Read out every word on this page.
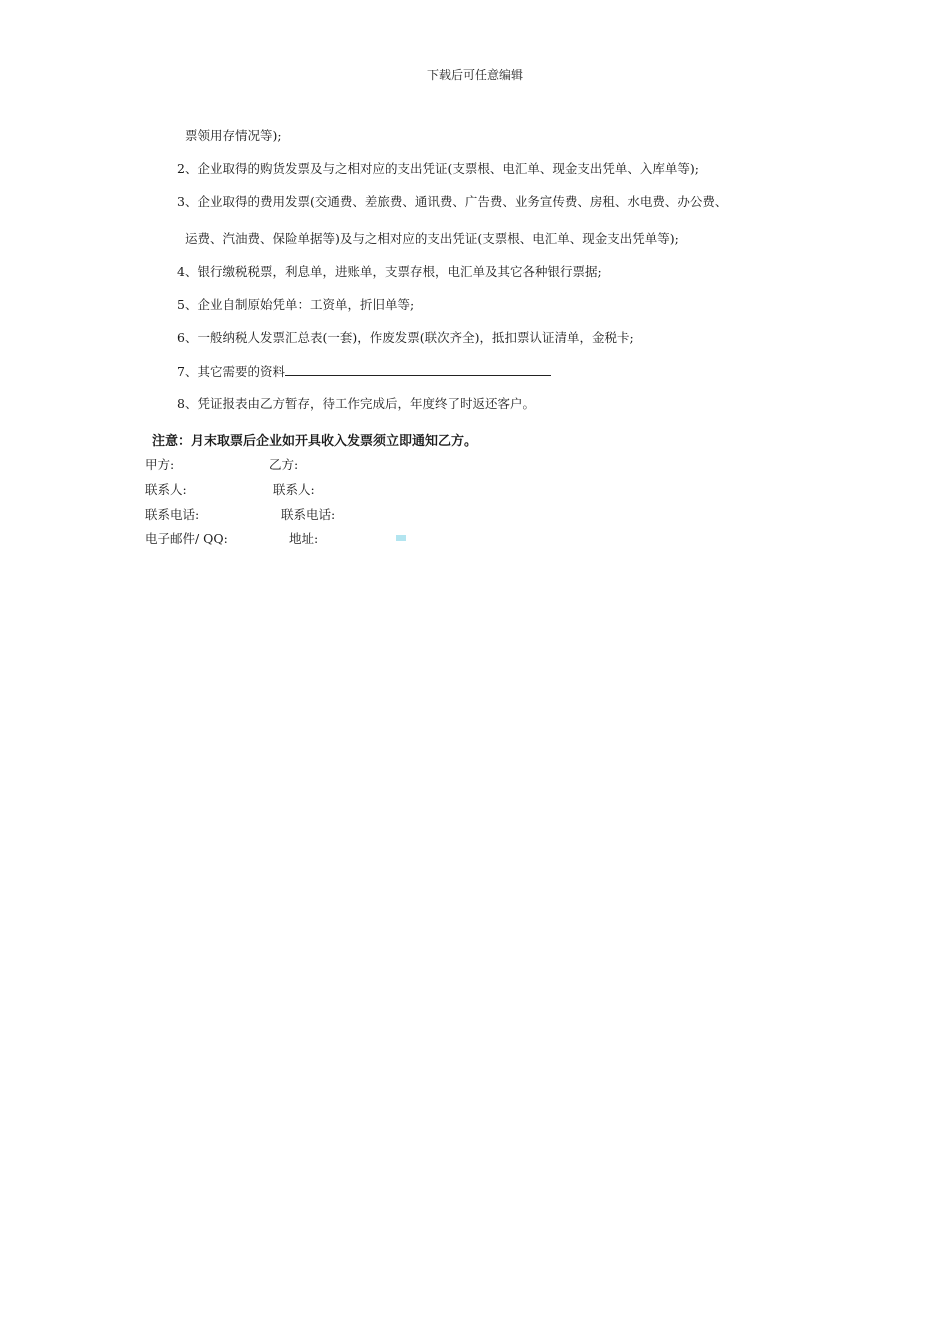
下载后可任意编辑
票领用存情况等);
2、企业取得的购货发票及与之相对应的支出凭证(支票根、电汇单、现金支出凭单、入库单等);
3、企业取得的费用发票(交通费、差旅费、通讯费、广告费、业务宣传费、房租、水电费、办公费、
运费、汽油费、保险单据等)及与之相对应的支出凭证(支票根、电汇单、现金支出凭单等);
4、银行缴税税票，利息单，进账单，支票存根，电汇单及其它各种银行票据;
5、企业自制原始凭单：工资单，折旧单等;
6、一般纳税人发票汇总表(一套)，作废发票(联次齐全)，抵扣票认证清单，金税卡;
7、其它需要的资料
8、凭证报表由乙方暂存，待工作完成后，年度终了时返还客户。
注意：月末取票后企业如开具收入发票须立即通知乙方。
甲方:	乙方:
联系人:	联系人:
联系电话:	联系电话:
电子邮件/ QQ:	地址:
